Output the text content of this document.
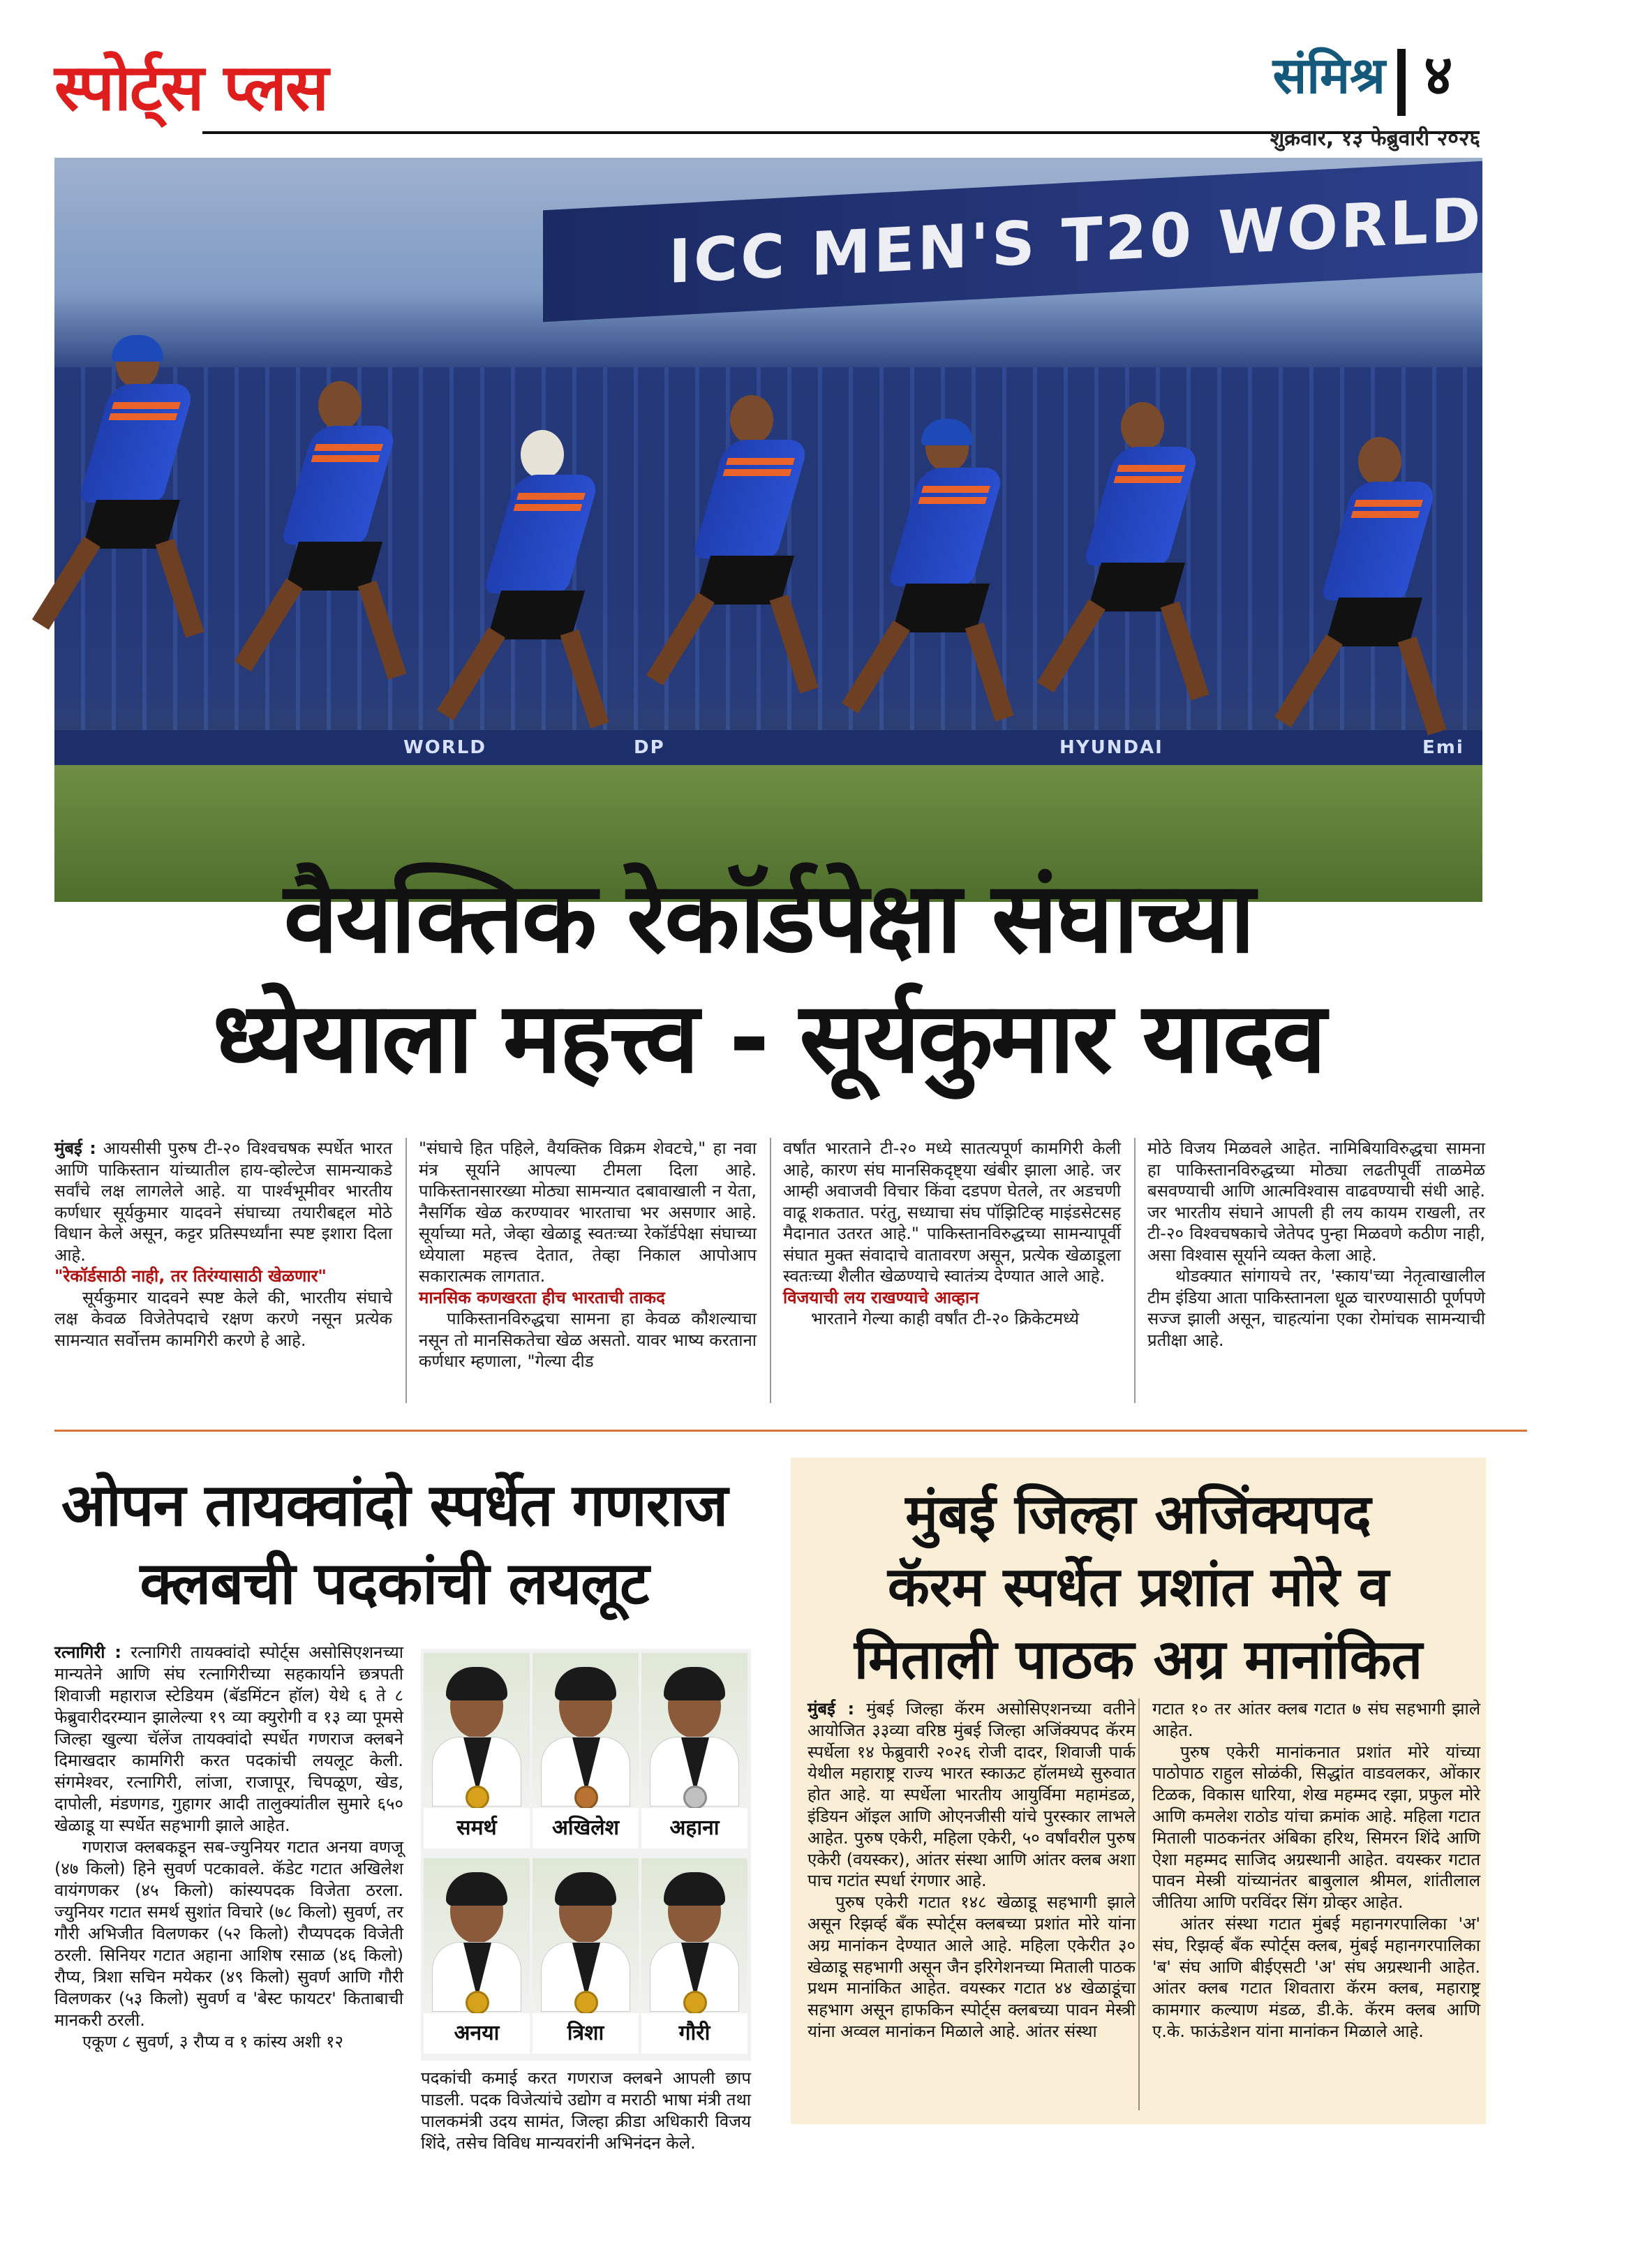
स्पोर्ट्स प्लस	संमिश्र ४
शुक्रवार, १३ फेब्रुवारी २०२६
ICC MEN'S T20 WORLD CUP
WORLD	DP	HYUNDAI	Emi
वैयक्तिक रेकॉर्डपेक्षा संघाच्या
ध्येयाला महत्त्व - सूर्यकुमार यादव

मुंबई : आयसीसी पुरुष टी-२० विश्वचषक स्पर्धेत भारत आणि पाकिस्तान यांच्यातील हाय-व्होल्टेज सामन्याकडे सर्वांचे लक्ष लागलेले आहे. या पार्श्वभूमीवर भारतीय कर्णधार सूर्यकुमार यादवने संघाच्या तयारीबद्दल मोठे विधान केले असून, कट्टर प्रतिस्पर्ध्यांना स्पष्ट इशारा दिला आहे.

"रेकॉर्डसाठी नाही, तर तिरंग्यासाठी खेळणार"

सूर्यकुमार यादवने स्पष्ट केले की, भारतीय संघाचे लक्ष केवळ विजेतेपदाचे रक्षण करणे नसून प्रत्येक सामन्यात सर्वोत्तम कामगिरी करणे हे आहे.

"संघाचे हित पहिले, वैयक्तिक विक्रम शेवटचे," हा नवा मंत्र सूर्याने आपल्या टीमला दिला आहे. पाकिस्तानसारख्या मोठ्या सामन्यात दबावाखाली न येता, नैसर्गिक खेळ करण्यावर भारताचा भर असणार आहे. सूर्याच्या मते, जेव्हा खेळाडू स्वतःच्या रेकॉर्डपेक्षा संघाच्या ध्येयाला महत्त्व देतात, तेव्हा निकाल आपोआप सकारात्मक लागतात.

मानसिक कणखरता हीच भारताची ताकद

पाकिस्तानविरुद्धचा सामना हा केवळ कौशल्याचा नसून तो मानसिकतेचा खेळ असतो. यावर भाष्य करताना कर्णधार म्हणाला, "गेल्या दीड

वर्षांत भारताने टी-२० मध्ये सातत्यपूर्ण कामगिरी केली आहे, कारण संघ मानसिकदृष्ट्या खंबीर झाला आहे. जर आम्ही अवाजवी विचार किंवा दडपण घेतले, तर अडचणी वाढू शकतात. परंतु, सध्याचा संघ पॉझिटिव्ह माइंडसेटसह मैदानात उतरत आहे." पाकिस्तानविरुद्धच्या सामन्यापूर्वी संघात मुक्त संवादाचे वातावरण असून, प्रत्येक खेळाडूला स्वतःच्या शैलीत खेळण्याचे स्वातंत्र्य देण्यात आले आहे.

विजयाची लय राखण्याचे आव्हान

भारताने गेल्या काही वर्षांत टी-२० क्रिकेटमध्ये

मोठे विजय मिळवले आहेत. नामिबियाविरुद्धचा सामना हा पाकिस्तानविरुद्धच्या मोठ्या लढतीपूर्वी ताळमेळ बसवण्याची आणि आत्मविश्वास वाढवण्याची संधी आहे. जर भारतीय संघाने आपली ही लय कायम राखली, तर टी-२० विश्वचषकाचे जेतेपद पुन्हा मिळवणे कठीण नाही, असा विश्वास सूर्याने व्यक्त केला आहे.

थोडक्यात सांगायचे तर, 'स्काय'च्या नेतृत्वाखालील टीम इंडिया आता पाकिस्तानला धूळ चारण्यासाठी पूर्णपणे सज्ज झाली असून, चाहत्यांना एका रोमांचक सामन्याची प्रतीक्षा आहे.

ओपन तायक्वांदो स्पर्धेत गणराज
क्लबची पदकांची लयलूट

रत्नागिरी : रत्नागिरी तायक्वांदो स्पोर्ट्स असोसिएशनच्या मान्यतेने आणि संघ रत्नागिरीच्या सहकार्याने छत्रपती शिवाजी महाराज स्टेडियम (बॅडमिंटन हॉल) येथे ६ ते ८ फेब्रुवारीदरम्यान झालेल्या १९ व्या क्युरोगी व १३ व्या पूमसे जिल्हा खुल्या चॅलेंज तायक्वांदो स्पर्धेत गणराज क्लबने दिमाखदार कामगिरी करत पदकांची लयलूट केली. संगमेश्वर, रत्नागिरी, लांजा, राजापूर, चिपळूण, खेड, दापोली, मंडणगड, गुहागर आदी तालुक्यांतील सुमारे ६५० खेळाडू या स्पर्धेत सहभागी झाले आहेत.

गणराज क्लबकडून सब-ज्युनियर गटात अनया वणजू (४७ किलो) हिने सुवर्ण पटकावले. कॅडेट गटात अखिलेश वायंगणकर (४५ किलो) कांस्यपदक विजेता ठरला. ज्युनियर गटात समर्थ सुशांत विचारे (७८ किलो) सुवर्ण, तर गौरी अभिजीत विलणकर (५२ किलो) रौप्यपदक विजेती ठरली. सिनियर गटात अहाना आशिष रसाळ (४६ किलो) रौप्य, त्रिशा सचिन मयेकर (४९ किलो) सुवर्ण आणि गौरी विलणकर (५३ किलो) सुवर्ण व 'बेस्ट फायटर' किताबाची मानकरी ठरली.

एकूण ८ सुवर्ण, ३ रौप्य व १ कांस्य अशी १२

समर्थ	अखिलेश	अहाना
अनया	त्रिशा	गौरी
पदकांची कमाई करत गणराज क्लबने आपली छाप पाडली. पदक विजेत्यांचे उद्योग व मराठी भाषा मंत्री तथा पालकमंत्री उदय सामंत, जिल्हा क्रीडा अधिकारी विजय शिंदे, तसेच विविध मान्यवरांनी अभिनंदन केले.
मुंबई जिल्हा अजिंक्यपद
कॅरम स्पर्धेत प्रशांत मोरे व
मिताली पाठक अग्र मानांकित

मुंबई : मुंबई जिल्हा कॅरम असोसिएशनच्या वतीने आयोजित ३३व्या वरिष्ठ मुंबई जिल्हा अजिंक्यपद कॅरम स्पर्धेला १४ फेब्रुवारी २०२६ रोजी दादर, शिवाजी पार्क येथील महाराष्ट्र राज्य भारत स्काऊट हॉलमध्ये सुरुवात होत आहे. या स्पर्धेला भारतीय आयुर्विमा महामंडळ, इंडियन ऑइल आणि ओएनजीसी यांचे पुरस्कार लाभले आहेत. पुरुष एकेरी, महिला एकेरी, ५० वर्षांवरील पुरुष एकेरी (वयस्कर), आंतर संस्था आणि आंतर क्लब अशा पाच गटांत स्पर्धा रंगणार आहे.

पुरुष एकेरी गटात १४८ खेळाडू सहभागी झाले असून रिझर्व्ह बँक स्पोर्ट्स क्लबच्या प्रशांत मोरे यांना अग्र मानांकन देण्यात आले आहे. महिला एकेरीत ३० खेळाडू सहभागी असून जैन इरिगेशनच्या मिताली पाठक प्रथम मानांकित आहेत. वयस्कर गटात ४४ खेळाडूंचा सहभाग असून हाफकिन स्पोर्ट्स क्लबच्या पावन मेस्त्री यांना अव्वल मानांकन मिळाले आहे. आंतर संस्था

गटात १० तर आंतर क्लब गटात ७ संघ सहभागी झाले आहेत.

पुरुष एकेरी मानांकनात प्रशांत मोरे यांच्या पाठोपाठ राहुल सोळंकी, सिद्धांत वाडवलकर, ओंकार टिळक, विकास धारिया, शेख महम्मद रझा, प्रफुल मोरे आणि कमलेश राठोड यांचा क्रमांक आहे. महिला गटात मिताली पाठकनंतर अंबिका हरिथ, सिमरन शिंदे आणि ऐशा महम्मद साजिद अग्रस्थानी आहेत. वयस्कर गटात पावन मेस्त्री यांच्यानंतर बाबुलाल श्रीमल, शांतीलाल जीतिया आणि परविंदर सिंग ग्रोव्हर आहेत.

आंतर संस्था गटात मुंबई महानगरपालिका 'अ' संघ, रिझर्व्ह बँक स्पोर्ट्स क्लब, मुंबई महानगरपालिका 'ब' संघ आणि बीईएसटी 'अ' संघ अग्रस्थानी आहेत. आंतर क्लब गटात शिवतारा कॅरम क्लब, महाराष्ट्र कामगार कल्याण मंडळ, डी.के. कॅरम क्लब आणि ए.के. फाऊंडेशन यांना मानांकन मिळाले आहे.
